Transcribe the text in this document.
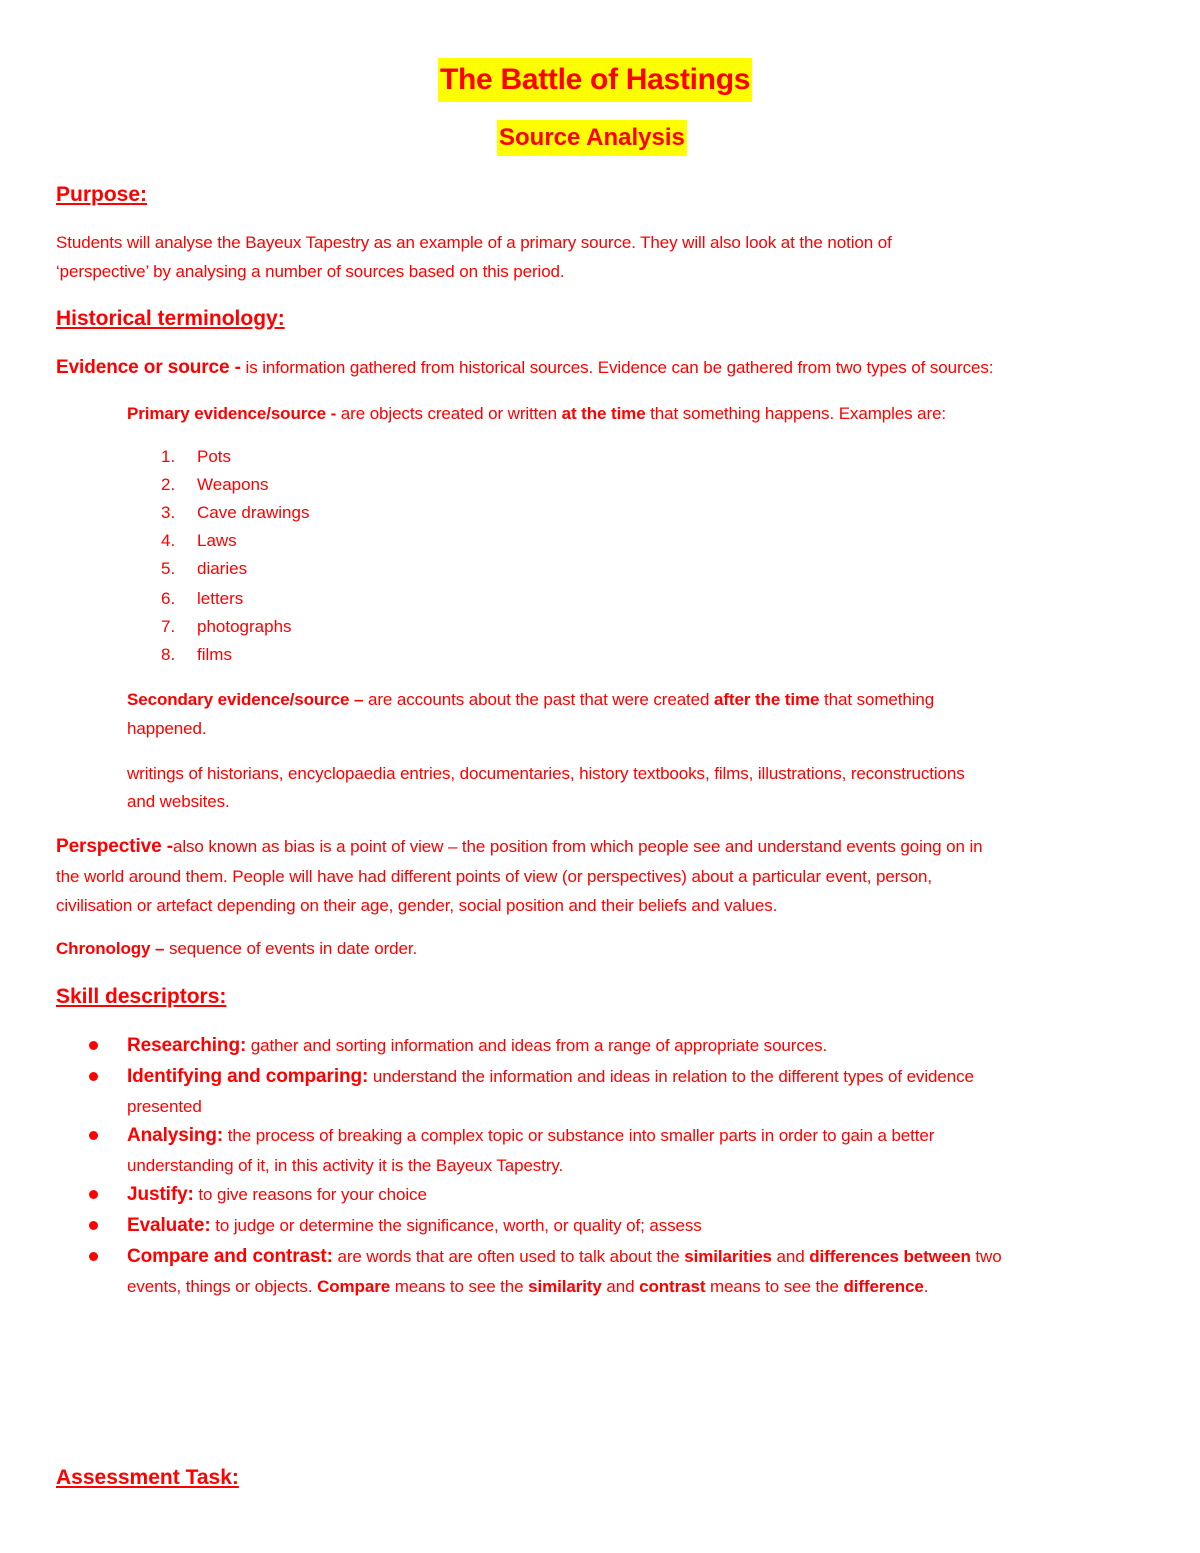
The Battle of Hastings
Source Analysis
Purpose:
Students will analyse the Bayeux Tapestry as an example of a primary source. They will also look at the notion of
‘perspective’ by analysing a number of sources based on this period.
Historical terminology:
Evidence or source - is information gathered from historical sources. Evidence can be gathered from two types of sources:
Primary evidence/source - are objects created or written at the time that something happens. Examples are:
1. Pots
2. Weapons
3. Cave drawings
4. Laws
5. diaries
6. letters
7. photographs
8. films
Secondary evidence/source – are accounts about the past that were created after the time that something
happened.
writings of historians, encyclopaedia entries, documentaries, history textbooks, films, illustrations, reconstructions
and websites.
Perspective -also known as bias is a point of view – the position from which people see and understand events going on in
the world around them. People will have had different points of view (or perspectives) about a particular event, person,
civilisation or artefact depending on their age, gender, social position and their beliefs and values.
Chronology – sequence of events in date order.
Skill descriptors:
Researching: gather and sorting information and ideas from a range of appropriate sources.
Identifying and comparing: understand the information and ideas in relation to the different types of evidence
presented
Analysing: the process of breaking a complex topic or substance into smaller parts in order to gain a better
understanding of it, in this activity it is the Bayeux Tapestry.
Justify: to give reasons for your choice
Evaluate: to judge or determine the significance, worth, or quality of; assess
Compare and contrast: are words that are often used to talk about the similarities and differences between two
events, things or objects. Compare means to see the similarity and contrast means to see the difference.
Assessment Task:
